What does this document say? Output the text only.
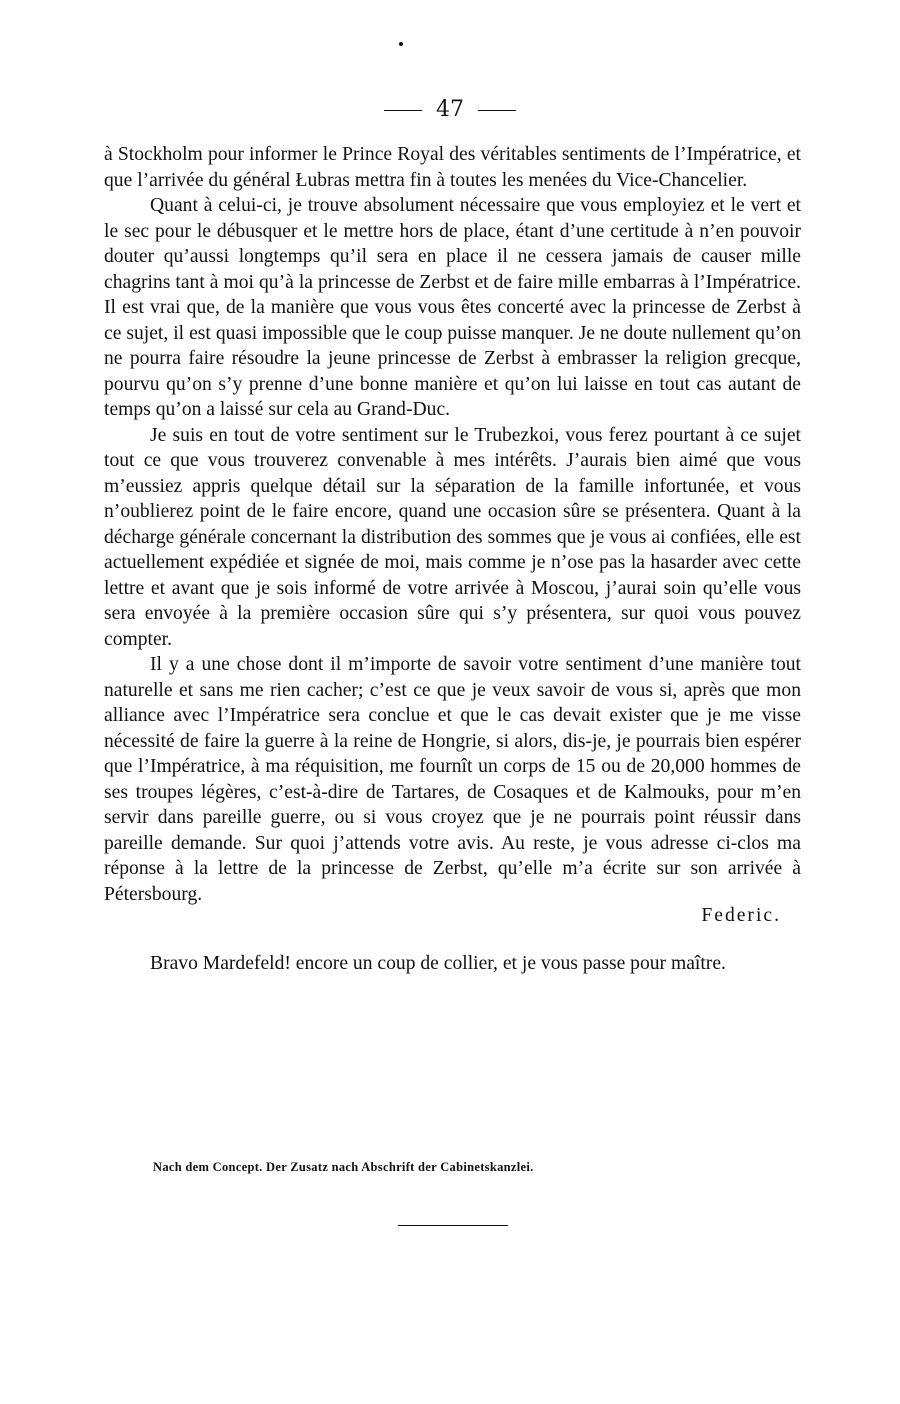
47

à Stockholm pour informer le Prince Royal des véritables sentiments de l’Impératrice, et que l’arrivée du général Łubras mettra fin à toutes les menées du Vice-Chancelier.

Quant à celui-ci, je trouve absolument nécessaire que vous employiez et le vert et le sec pour le débusquer et le mettre hors de place, étant d’une certitude à n’en pouvoir douter qu’aussi longtemps qu’il sera en place il ne cessera jamais de causer mille chagrins tant à moi qu’à la princesse de Zerbst et de faire mille embarras à l’Impératrice. Il est vrai que, de la manière que vous vous êtes concerté avec la princesse de Zerbst à ce sujet, il est quasi impossible que le coup puisse manquer. Je ne doute nullement qu’on ne pourra faire résoudre la jeune princesse de Zerbst à embrasser la religion grecque, pourvu qu’on s’y prenne d’une bonne manière et qu’on lui laisse en tout cas autant de temps qu’on a laissé sur cela au Grand-Duc.

Je suis en tout de votre sentiment sur le Trubezkoi, vous ferez pourtant à ce sujet tout ce que vous trouverez convenable à mes intérêts. J’aurais bien aimé que vous m’eussiez appris quelque détail sur la séparation de la famille infortunée, et vous n’oublierez point de le faire encore, quand une occasion sûre se présentera. Quant à la décharge générale concernant la distribution des sommes que je vous ai confiées, elle est actuellement expédiée et signée de moi, mais comme je n’ose pas la hasarder avec cette lettre et avant que je sois informé de votre arrivée à Moscou, j’aurai soin qu’elle vous sera envoyée à la première occasion sûre qui s’y présentera, sur quoi vous pouvez compter.

Il y a une chose dont il m’importe de savoir votre sentiment d’une manière tout naturelle et sans me rien cacher; c’est ce que je veux savoir de vous si, après que mon alliance avec l’Impératrice sera conclue et que le cas devait exister que je me visse nécessité de faire la guerre à la reine de Hongrie, si alors, dis-je, je pourrais bien espérer que l’Impératrice, à ma réquisition, me fournît un corps de 15 ou de 20,000 hommes de ses troupes légères, c’est-à-dire de Tartares, de Cosaques et de Kalmouks, pour m’en servir dans pareille guerre, ou si vous croyez que je ne pourrais point réussir dans pareille demande. Sur quoi j’attends votre avis. Au reste, je vous adresse ci-clos ma réponse à la lettre de la princesse de Zerbst, qu’elle m’a écrite sur son arrivée à Pétersbourg.

Federic.

Bravo Mardefeld! encore un coup de collier, et je vous passe pour maître.

Nach dem Concept. Der Zusatz nach Abschrift der Cabinetskanzlei.
